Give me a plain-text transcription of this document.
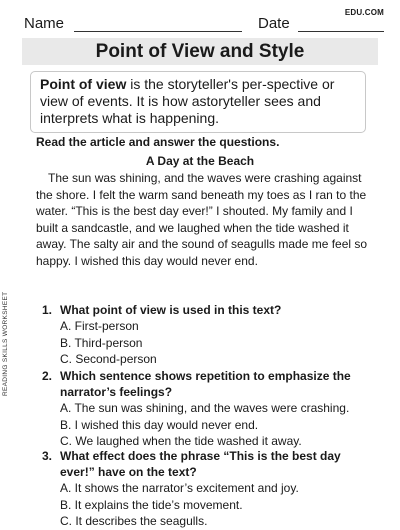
Name	Date
EDU.COM
Point of View and Style
Point of view is the storyteller's per-spective or view of events. It is how astoryteller sees and interprets what is happening.
Read the article and answer the questions.
A Day at the Beach
The sun was shining, and the waves were crashing against the shore. I felt the warm sand beneath my toes as I ran to the water. “This is the best day ever!” I shouted. My family and I built a sandcastle, and we laughed when the tide washed it away. The salty air and the sound of seagulls made me feel so happy. I wished this day would never end.
1. What point of view is used in this text?
A. First-person
B. Third-person
C. Second-person
2. Which sentence shows repetition to emphasize the narrator’s feelings?
A. The sun was shining, and the waves were crashing.
B. I wished this day would never end.
C. We laughed when the tide washed it away.
3. What effect does the phrase “This is the best day ever!” have on the text?
A. It shows the narrator’s excitement and joy.
B. It explains the tide’s movement.
C. It describes the seagulls.
READING SKILLS WORKSHEET
